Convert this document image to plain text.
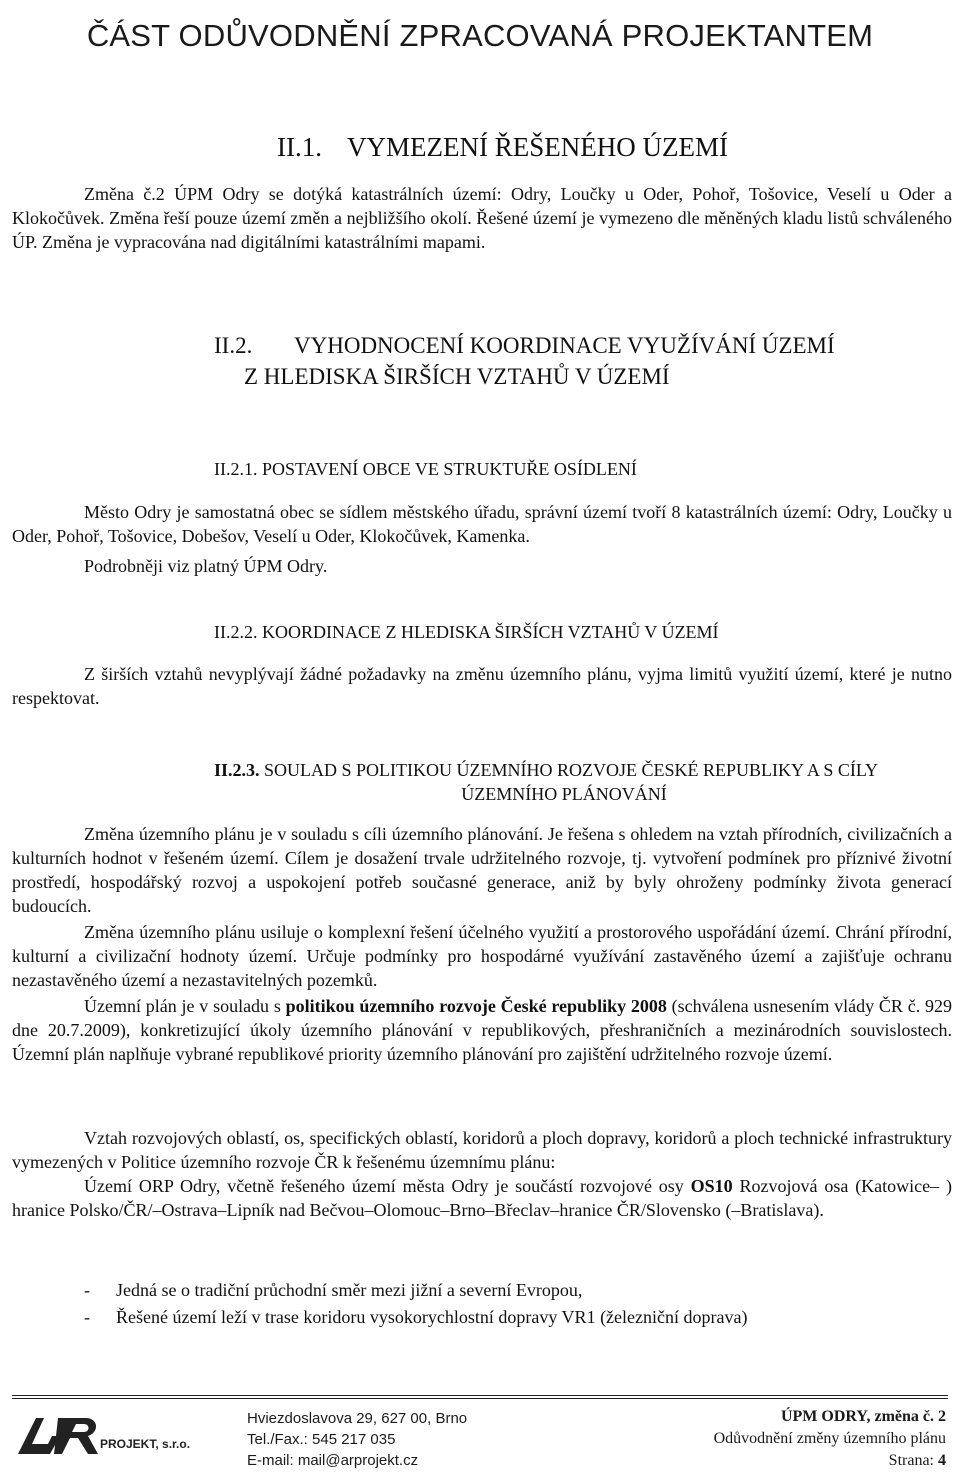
ČÁST ODŮVODNĚNÍ ZPRACOVANÁ PROJEKTANTEM
II.1. VYMEZENÍ ŘEŠENÉHO ÚZEMÍ

Změna č.2 ÚPM Odry se dotýká katastrálních území: Odry, Loučky u Oder, Pohoř, Tošovice, Veselí u Oder a Klokočůvek. Změna řeší pouze území změn a nejbližšího okolí. Řešené území je vymezeno dle měněných kladu listů schváleného ÚP. Změna je vypracována nad digitálními katastrálními mapami.

II.2. VYHODNOCENÍ KOORDINACE VYUŽÍVÁNÍ ÚZEMÍ
Z HLEDISKA ŠIRŠÍCH VZTAHŮ V ÚZEMÍ
II.2.1. POSTAVENÍ OBCE VE STRUKTUŘE OSÍDLENÍ

Město Odry je samostatná obec se sídlem městského úřadu, správní území tvoří 8 katastrálních území: Odry, Loučky u Oder, Pohoř, Tošovice, Dobešov, Veselí u Oder, Klokočůvek, Kamenka.

Podrobněji viz platný ÚPM Odry.

II.2.2. KOORDINACE Z HLEDISKA ŠIRŠÍCH VZTAHŮ V ÚZEMÍ

Z širších vztahů nevyplývají žádné požadavky na změnu územního plánu, vyjma limitů využití území, které je nutno respektovat.

II.2.3. SOULAD S POLITIKOU ÚZEMNÍHO ROZVOJE ČESKÉ REPUBLIKY A S CÍLY
ÚZEMNÍHO PLÁNOVÁNÍ

Změna územního plánu je v souladu s cíli územního plánování. Je řešena s ohledem na vztah přírodních, civilizačních a kulturních hodnot v řešeném území. Cílem je dosažení trvale udržitelného rozvoje, tj. vytvoření podmínek pro příznivé životní prostředí, hospodářský rozvoj a uspokojení potřeb současné generace, aniž by byly ohroženy podmínky života generací budoucích.

Změna územního plánu usiluje o komplexní řešení účelného využití a prostorového uspořádání území. Chrání přírodní, kulturní a civilizační hodnoty území. Určuje podmínky pro hospodárné využívání zastavěného území a zajišťuje ochranu nezastavěného území a nezastavitelných pozemků.

Územní plán je v souladu s politikou územního rozvoje České republiky 2008 (schválena usnesením vlády ČR č. 929 dne 20.7.2009), konkretizující úkoly územního plánování v republikových, přeshraničních a mezinárodních souvislostech. Územní plán naplňuje vybrané republikové priority územního plánování pro zajištění udržitelného rozvoje území.

Vztah rozvojových oblastí, os, specifických oblastí, koridorů a ploch dopravy, koridorů a ploch technické infrastruktury vymezených v Politice územního rozvoje ČR k řešenému územnímu plánu:

Území ORP Odry, včetně řešeného území města Odry je součástí rozvojové osy OS10 Rozvojová osa (Katowice– ) hranice Polsko/ČR/–Ostrava–Lipník nad Bečvou–Olomouc–Brno–Břeclav–hranice ČR/Slovensko (–Bratislava).

- Jedná se o tradiční průchodní směr mezi jižní a severní Evropou,
- Řešené území leží v trase koridoru vysokorychlostní dopravy VR1 (železniční doprava)
PROJEKT, s.r.o.
Hviezdoslavova 29, 627 00, Brno
Tel./Fax.: 545 217 035
E-mail: mail@arprojekt.cz
ÚPM ODRY, změna č. 2
Odůvodnění změny územního plánu
Strana: 4
